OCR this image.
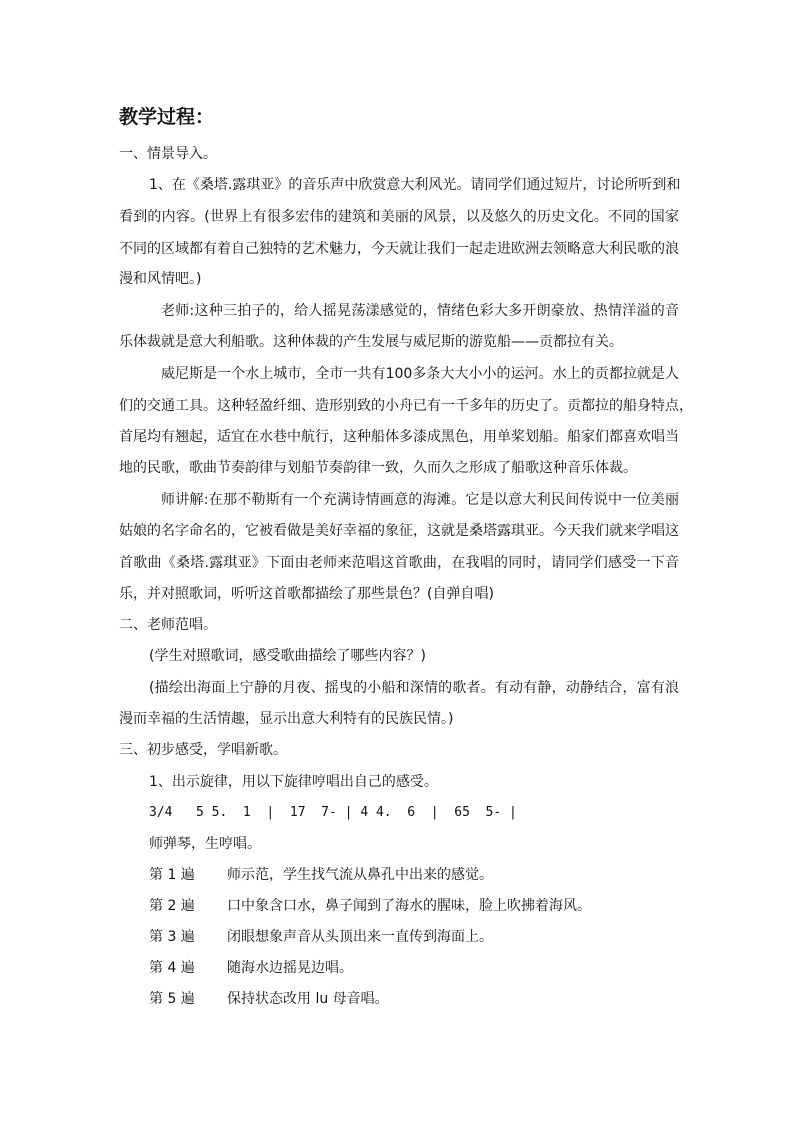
教学过程：
一、情景导入。
1、在《桑塔.露琪亚》的音乐声中欣赏意大利风光。请同学们通过短片，讨论所听到和
看到的内容。(世界上有很多宏伟的建筑和美丽的风景，以及悠久的历史文化。不同的国家
不同的区域都有着自己独特的艺术魅力，今天就让我们一起走进欧洲去领略意大利民歌的浪
漫和风情吧。)
老师:这种三拍子的，给人摇晃荡漾感觉的，情绪色彩大多开朗豪放、热情洋溢的音
乐体裁就是意大利船歌。这种体裁的产生发展与威尼斯的游览船——贡都拉有关。
威尼斯是一个水上城市，全市一共有100多条大大小小的运河。水上的贡都拉就是人
们的交通工具。这种轻盈纤细、造形别致的小舟已有一千多年的历史了。贡都拉的船身特点，
首尾均有翘起，适宜在水巷中航行，这种船体多漆成黑色，用单桨划船。船家们都喜欢唱当
地的民歌，歌曲节奏韵律与划船节奏韵律一致，久而久之形成了船歌这种音乐体裁。
师讲解:在那不勒斯有一个充满诗情画意的海滩。它是以意大利民间传说中一位美丽
姑娘的名字命名的，它被看做是美好幸福的象征，这就是桑塔露琪亚。今天我们就来学唱这
首歌曲《桑塔.露琪亚》下面由老师来范唱这首歌曲，在我唱的同时，请同学们感受一下音
乐，并对照歌词，听听这首歌都描绘了那些景色？(自弹自唱)
二、老师范唱。
(学生对照歌词，感受歌曲描绘了哪些内容？)
(描绘出海面上宁静的月夜、摇曳的小船和深情的歌者。有动有静，动静结合，富有浪
漫而幸福的生活情趣，显示出意大利特有的民族民情。)
三、初步感受，学唱新歌。
1、出示旋律，用以下旋律哼唱出自己的感受。
3/4   5 5.  1  |  17  7- | 4 4.  6  |  65  5- |
师弹琴，生哼唱。
第 1 遍 师示范，学生找气流从鼻孔中出来的感觉。
第 2 遍 口中象含口水，鼻子闻到了海水的腥味，脸上吹拂着海风。
第 3 遍 闭眼想象声音从头顶出来一直传到海面上。
第 4 遍 随海水边摇晃边唱。
第 5 遍 保持状态改用 lu 母音唱。
